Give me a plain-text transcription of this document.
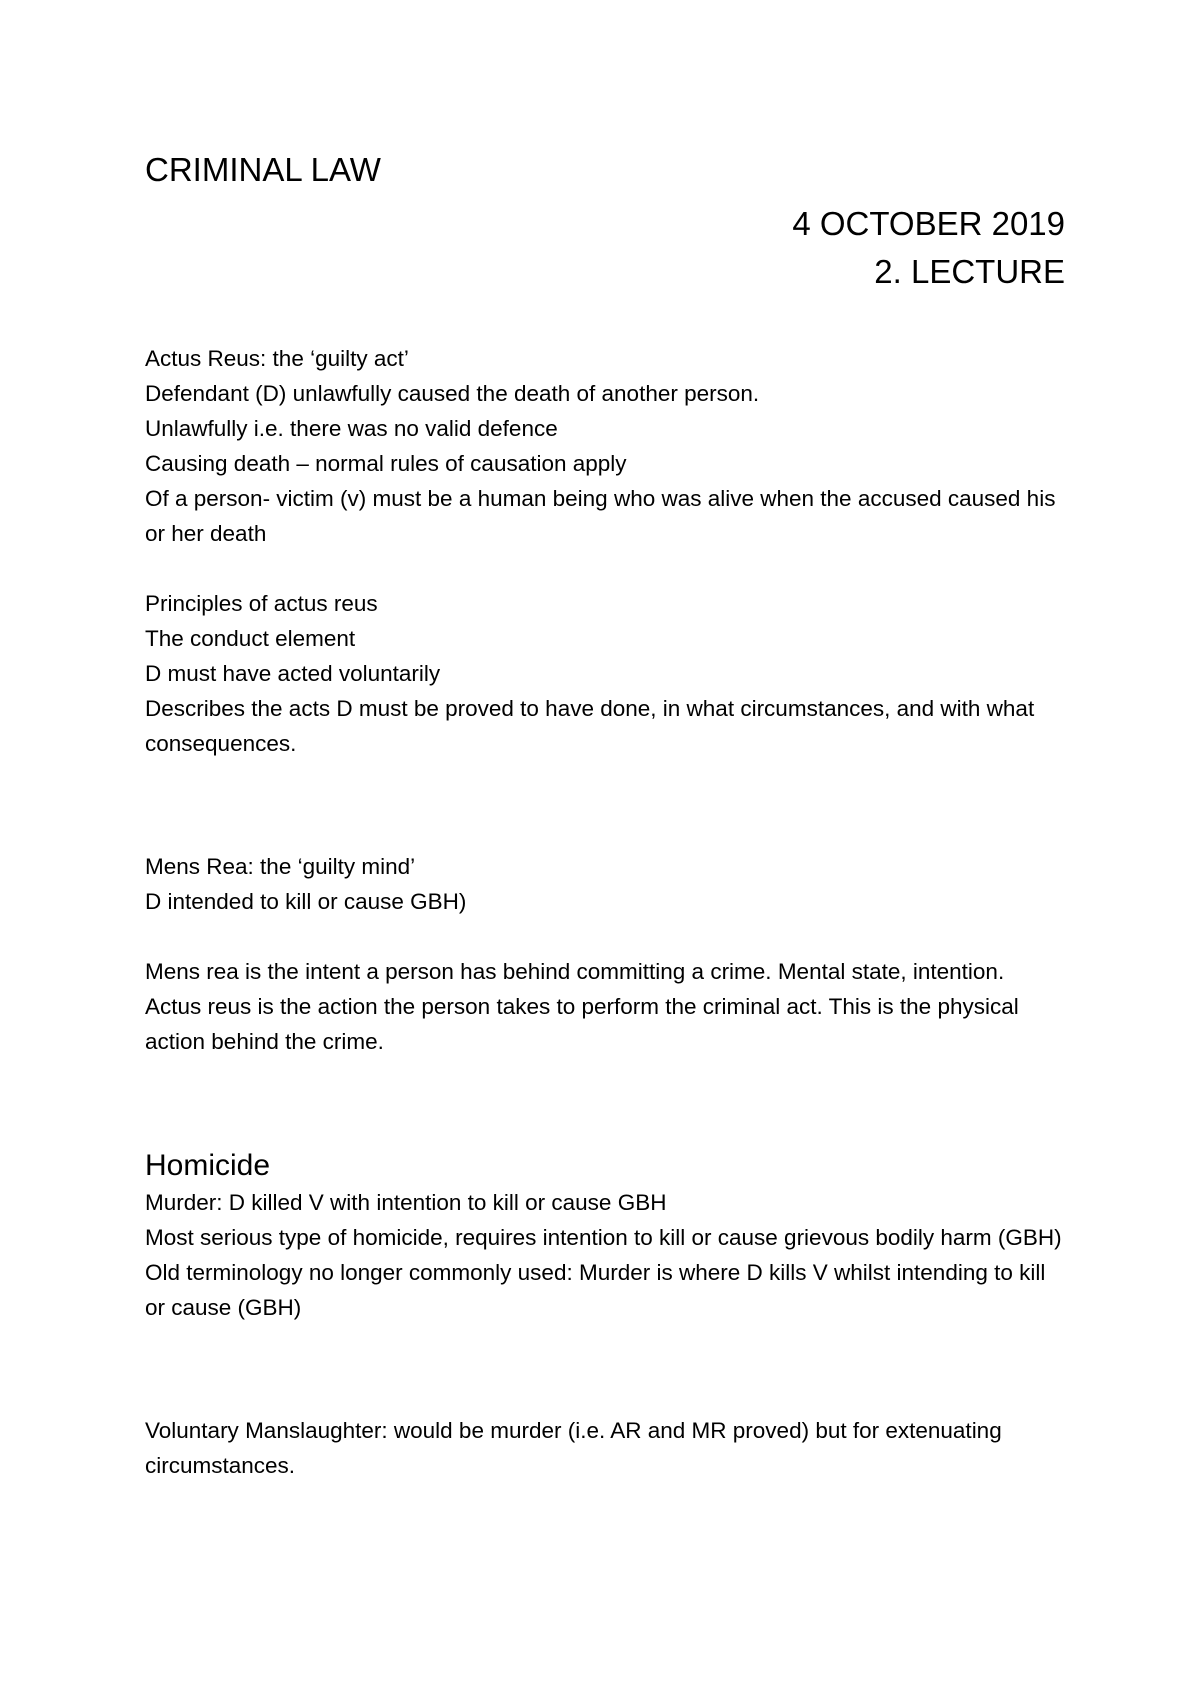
CRIMINAL LAW
4 OCTOBER 2019
2. LECTURE

Actus Reus: the ‘guilty act’

Defendant (D) unlawfully caused the death of another person.

Unlawfully i.e. there was no valid defence

Causing death – normal rules of causation apply

Of a person- victim (v) must be a human being who was alive when the accused caused his or her death

Principles of actus reus

The conduct element

D must have acted voluntarily

Describes the acts D must be proved to have done, in what circumstances, and with what consequences.

Mens Rea: the ‘guilty mind’

D intended to kill or cause GBH)

Mens rea is the intent a person has behind committing a crime. Mental state, intention.

Actus reus is the action the person takes to perform the criminal act. This is the physical action behind the crime.

Homicide

Murder: D killed V with intention to kill or cause GBH

Most serious type of homicide, requires intention to kill or cause grievous bodily harm (GBH)

Old terminology no longer commonly used: Murder is where D kills V whilst intending to kill or cause (GBH)

Voluntary Manslaughter: would be murder (i.e. AR and MR proved) but for extenuating circumstances.
